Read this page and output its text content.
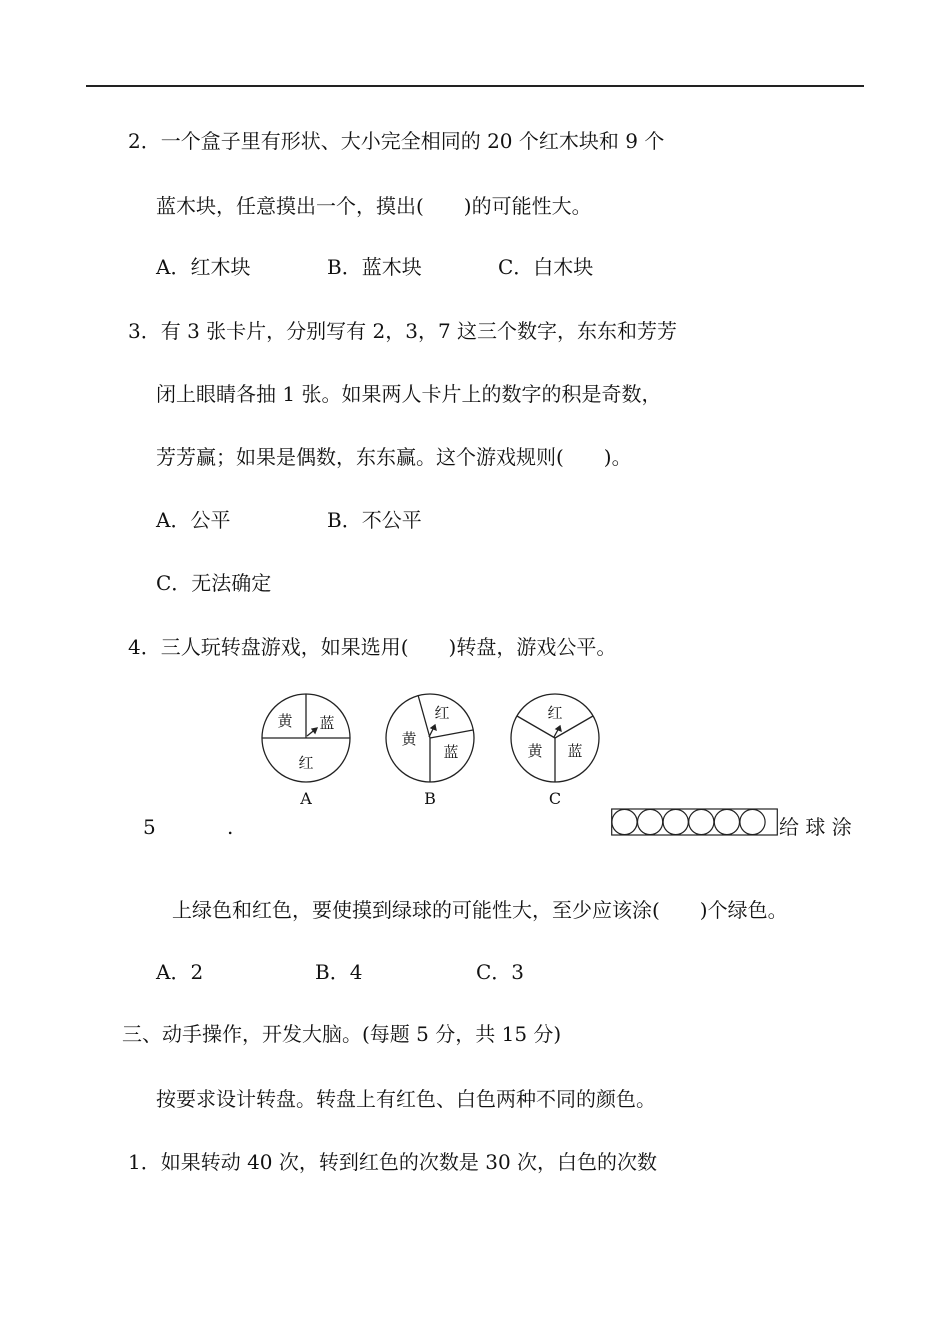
2．一个盒子里有形状、大小完全相同的 20 个红木块和 9 个
蓝木块，任意摸出一个，摸出(　　)的可能性大。
A．红木块	B．蓝木块	C．白木块
3．有 3 张卡片，分别写有 2，3，7 这三个数字，东东和芳芳
闭上眼睛各抽 1 张。如果两人卡片上的数字的积是奇数，
芳芳赢；如果是偶数，东东赢。这个游戏规则(　　)。
A．公平	B．不公平
C．无法确定
4．三人玩转盘游戏，如果选用(　　)转盘，游戏公平。
黄 蓝
红
A
红
黄
蓝
B
红
黄 蓝
C
5	.	给 球 涂
上绿色和红色，要使摸到绿球的可能性大，至少应该涂(　　)个绿色。
A．2	B．4	C．3
三、动手操作，开发大脑。(每题 5 分，共 15 分)
按要求设计转盘。转盘上有红色、白色两种不同的颜色。
1．如果转动 40 次，转到红色的次数是 30 次，白色的次数
